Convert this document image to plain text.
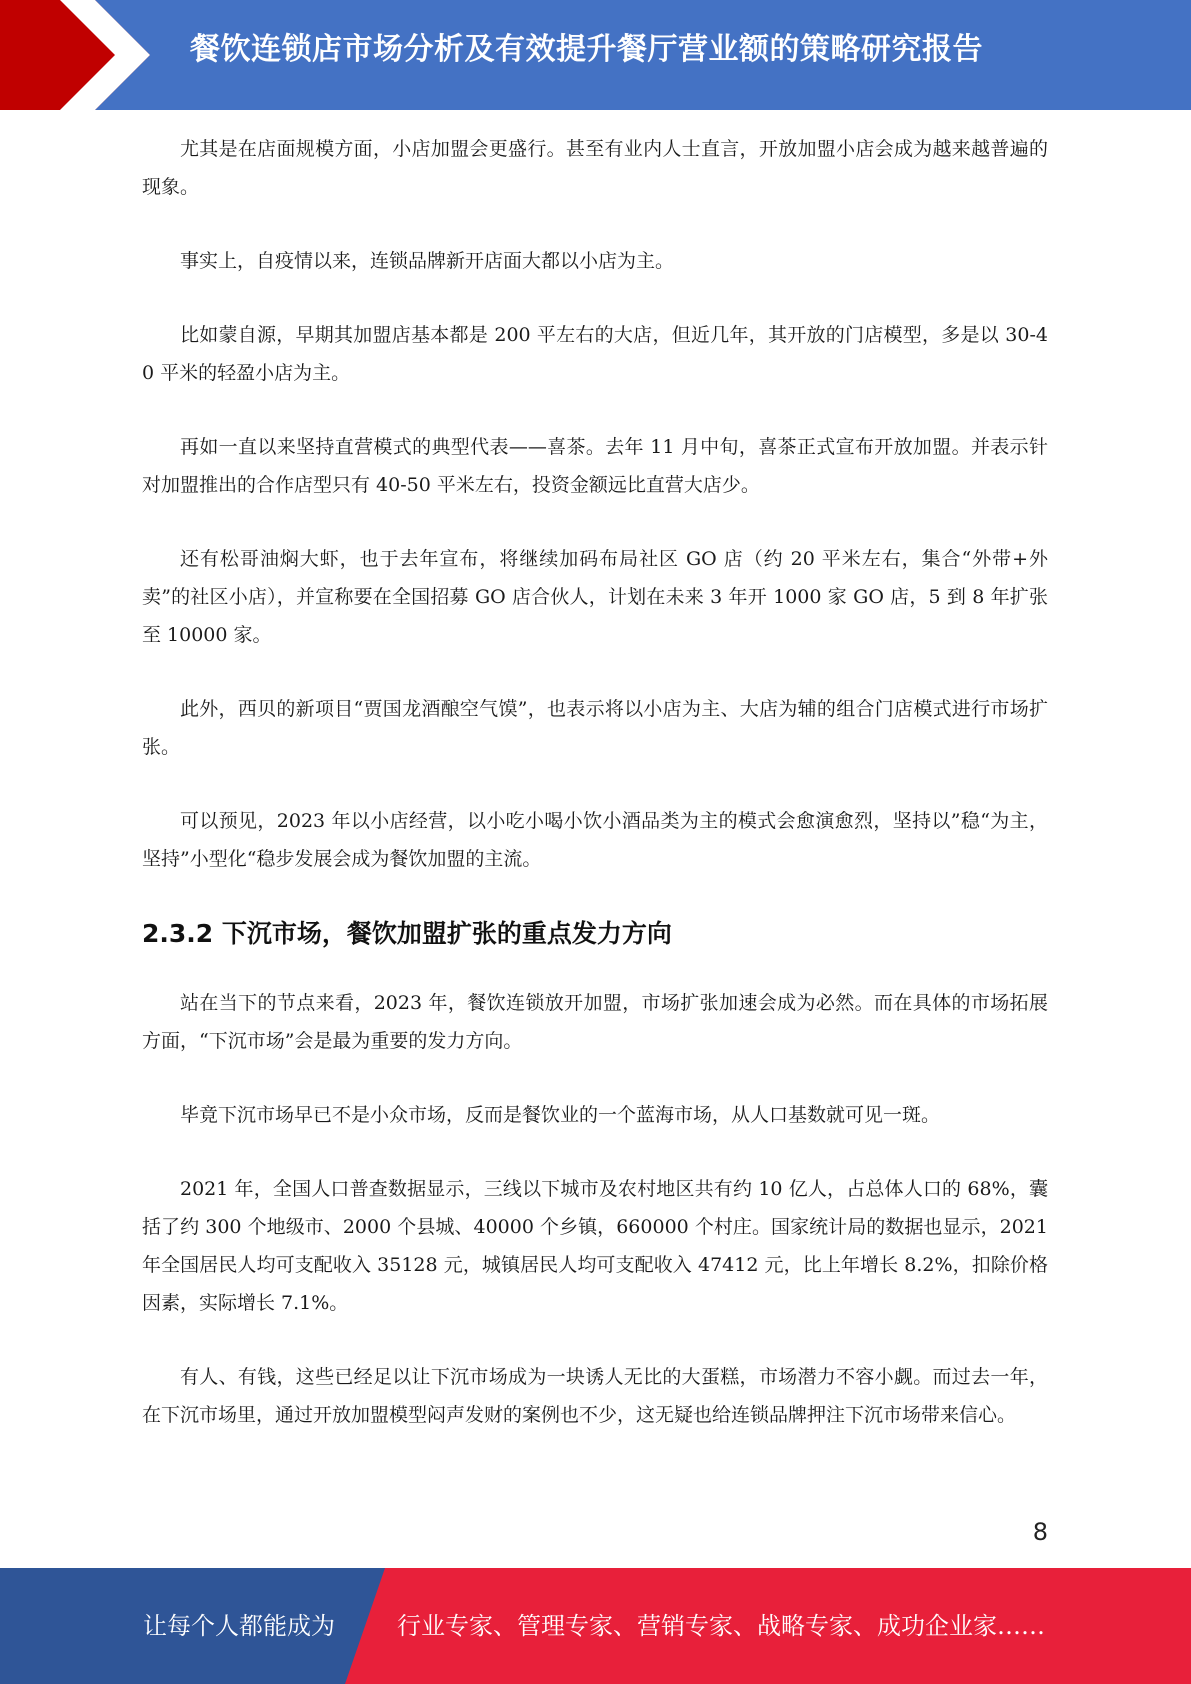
餐饮连锁店市场分析及有效提升餐厅营业额的策略研究报告

尤其是在店面规模方面，小店加盟会更盛行。甚至有业内人士直言，开放加盟小店会成为越来越普遍的现象。

事实上，自疫情以来，连锁品牌新开店面大都以小店为主。

比如蒙自源，早期其加盟店基本都是 200 平左右的大店，但近几年，其开放的门店模型，多是以 30-40 平米的轻盈小店为主。

再如一直以来坚持直营模式的典型代表——喜茶。去年 11 月中旬，喜茶正式宣布开放加盟。并表示针对加盟推出的合作店型只有 40-50 平米左右，投资金额远比直营大店少。

还有松哥油焖大虾，也于去年宣布，将继续加码布局社区 GO 店（约 20 平米左右，集合“外带+外卖”的社区小店），并宣称要在全国招募 GO 店合伙人，计划在未来 3 年开 1000 家 GO 店，5 到 8 年扩张至 10000 家。

此外，西贝的新项目“贾国龙酒酿空气馍”，也表示将以小店为主、大店为辅的组合门店模式进行市场扩张。

可以预见，2023 年以小店经营，以小吃小喝小饮小酒品类为主的模式会愈演愈烈，坚持以”稳“为主，坚持”小型化“稳步发展会成为餐饮加盟的主流。

2.3.2 下沉市场，餐饮加盟扩张的重点发力方向

站在当下的节点来看，2023 年，餐饮连锁放开加盟，市场扩张加速会成为必然。而在具体的市场拓展方面，“下沉市场”会是最为重要的发力方向。

毕竟下沉市场早已不是小众市场，反而是餐饮业的一个蓝海市场，从人口基数就可见一斑。

2021 年，全国人口普查数据显示，三线以下城市及农村地区共有约 10 亿人，占总体人口的 68%，囊括了约 300 个地级市、2000 个县城、40000 个乡镇，660000 个村庄。国家统计局的数据也显示，2021 年全国居民人均可支配收入 35128 元，城镇居民人均可支配收入 47412 元，比上年增长 8.2%，扣除价格因素，实际增长 7.1%。

有人、有钱，这些已经足以让下沉市场成为一块诱人无比的大蛋糕，市场潜力不容小觑。而过去一年，在下沉市场里，通过开放加盟模型闷声发财的案例也不少，这无疑也给连锁品牌押注下沉市场带来信心。

8
让每个人都能成为	行业专家、管理专家、营销专家、战略专家、成功企业家……
